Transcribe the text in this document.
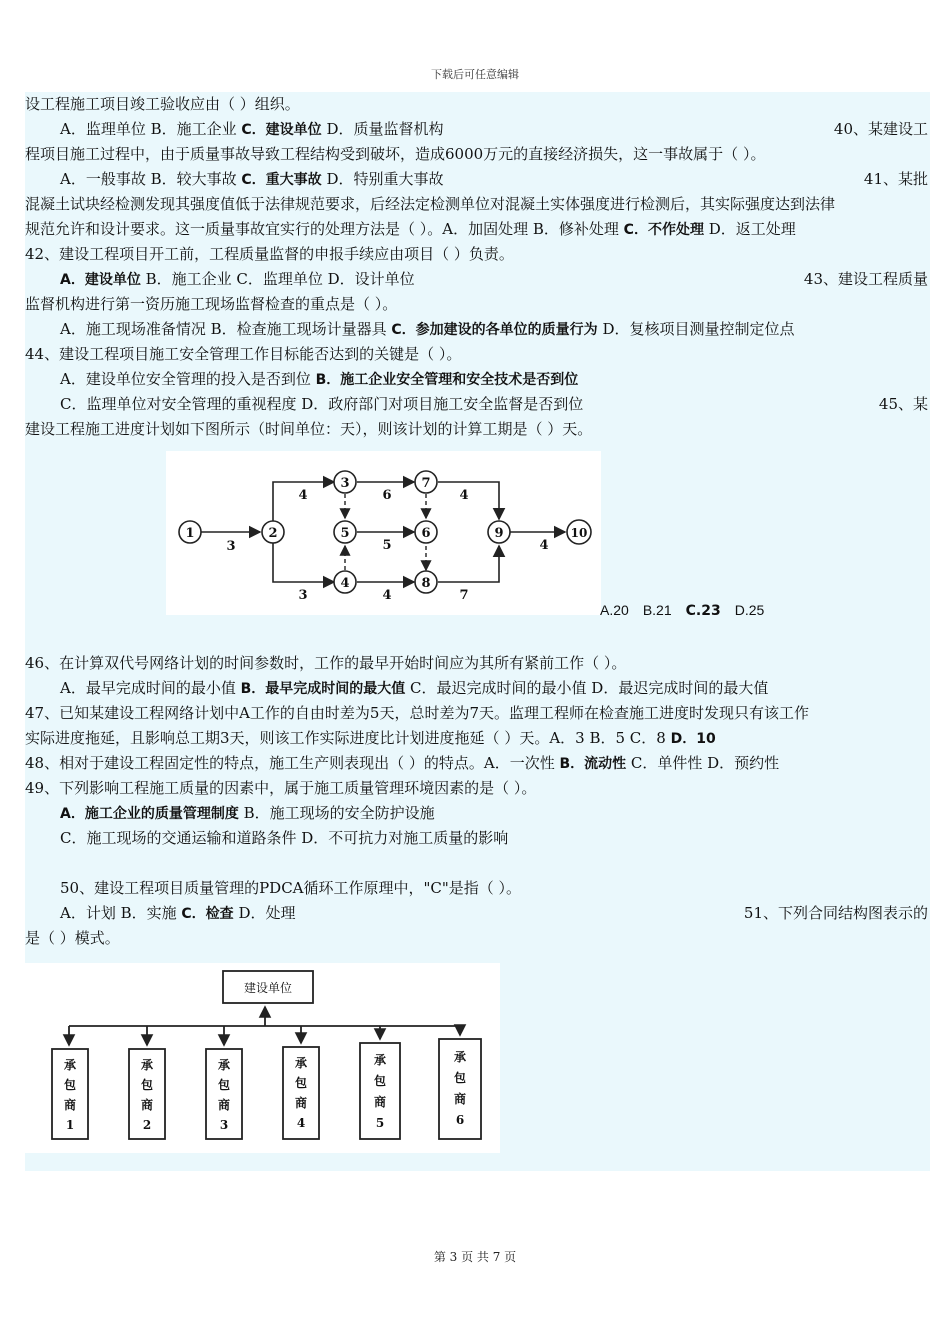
下载后可任意编辑
设工程施工项目竣工验收应由（ ）组织。
A．监理单位 B．施工企业 C．建设单位 D．质量监督机构	40、某建设工
程项目施工过程中，由于质量事故导致工程结构受到破坏，造成6000万元的直接经济损失，这一事故属于（ ）。
A．一般事故 B．较大事故 C．重大事故 D．特别重大事故	41、某批
混凝土试块经检测发现其强度值低于法律规范要求，后经法定检测单位对混凝土实体强度进行检测后，其实际强度达到法律
规范允许和设计要求。这一质量事故宜实行的处理方法是（ ）。A．加固处理 B．修补处理 C．不作处理 D．返工处理
42、建设工程项目开工前，工程质量监督的申报手续应由项目（ ）负责。
A．建设单位 B．施工企业 C．监理单位 D．设计单位	43、建设工程质量
监督机构进行第一资历施工现场监督检查的重点是（ ）。
A．施工现场准备情况 B．检查施工现场计量器具 C．参加建设的各单位的质量行为 D．复核项目测量控制定位点
44、建设工程项目施工安全管理工作目标能否达到的关键是（ ）。
A．建设单位安全管理的投入是否到位 B．施工企业安全管理和安全技术是否到位
C．监理单位对安全管理的重视程度 D．政府部门对项目施工安全监督是否到位	45、某
建设工程施工进度计划如下图所示（时间单位：天），则该计划的计算工期是（ ）天。
1	2
3
4
5	6
7
8
9	10
3
4
3
6
5
4
4
4
7
A.20 B.21 C.23 D.25
46、在计算双代号网络计划的时间参数时，工作的最早开始时间应为其所有紧前工作（ ）。
A．最早完成时间的最小值 B．最早完成时间的最大值 C．最迟完成时间的最小值 D．最迟完成时间的最大值
47、已知某建设工程网络计划中A工作的自由时差为5天，总时差为7天。监理工程师在检查施工进度时发现只有该工作
实际进度拖延，且影响总工期3天，则该工作实际进度比计划进度拖延（ ）天。A．3 B．5 C．8 D．10
48、相对于建设工程固定性的特点，施工生产则表现出（ ）的特点。A．一次性 B．流动性 C．单件性 D．预约性
49、下列影响工程施工质量的因素中，属于施工质量管理环境因素的是（ ）。
A．施工企业的质量管理制度 B．施工现场的安全防护设施
C．施工现场的交通运输和道路条件 D．不可抗力对施工质量的影响
50、建设工程项目质量管理的PDCA循环工作原理中，"C"是指（ ）。
A．计划 B．实施 C．检查 D．处理	51、下列合同结构图表示的
是（ ）模式。
建设单位
承
包
商
1
承
包
商
2
承
包
商
3
承
包
商
4
承
包
商
5
承
包
商
6
第 3 页 共 7 页
